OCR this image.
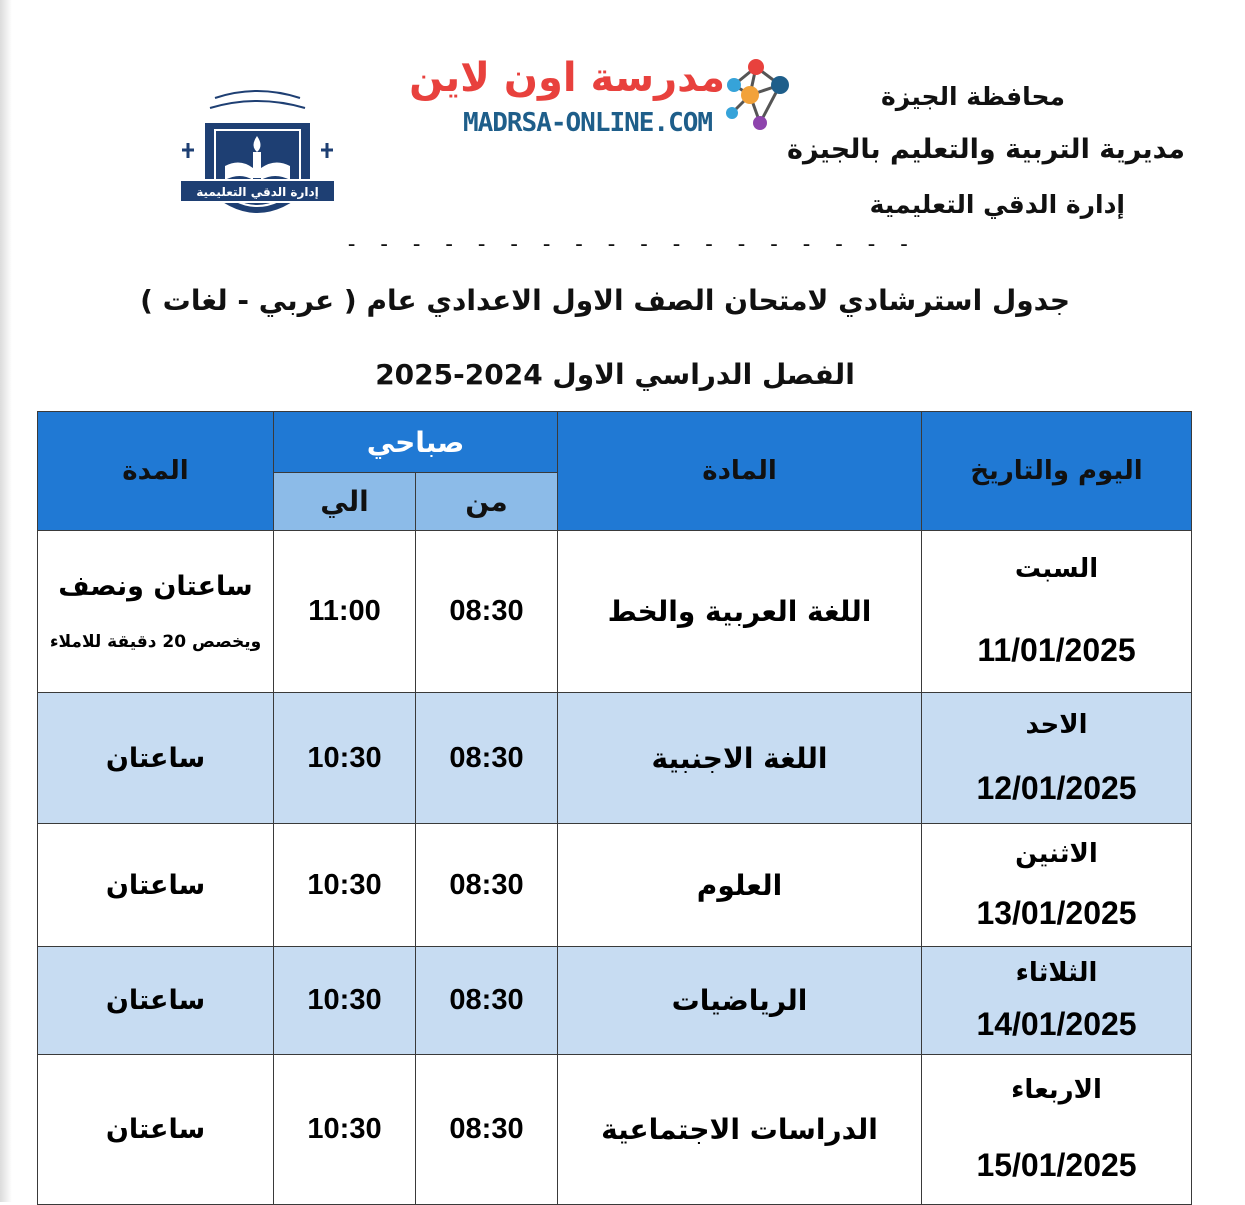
محافظة الجيزة
مديرية التربية والتعليم بالجيزة
إدارة الدقي التعليمية
- - - - - - - - - - - - - - - - - -
مدرسة اون لاين
MADRSA-ONLINE.COM
إدارة الدقي التعليمية
جدول استرشادي لامتحان الصف الاول الاعدادي عام ( عربي - لغات )
الفصل الدراسي الاول 2024-2025
اليوم والتاريخ	المادة	صباحي		المدة
		من	الي	

السبت
11/01/2025	اللغة العربية والخط	08:30	11:00	ساعتان ونصف
ويخصص 20 دقيقة للاملاء

الاحد
12/01/2025	اللغة الاجنبية	08:30	10:30	ساعتان

الاثنين
13/01/2025	العلوم	08:30	10:30	ساعتان

الثلاثاء
14/01/2025	الرياضيات	08:30	10:30	ساعتان

الاربعاء
15/01/2025	الدراسات الاجتماعية	08:30	10:30	ساعتان
